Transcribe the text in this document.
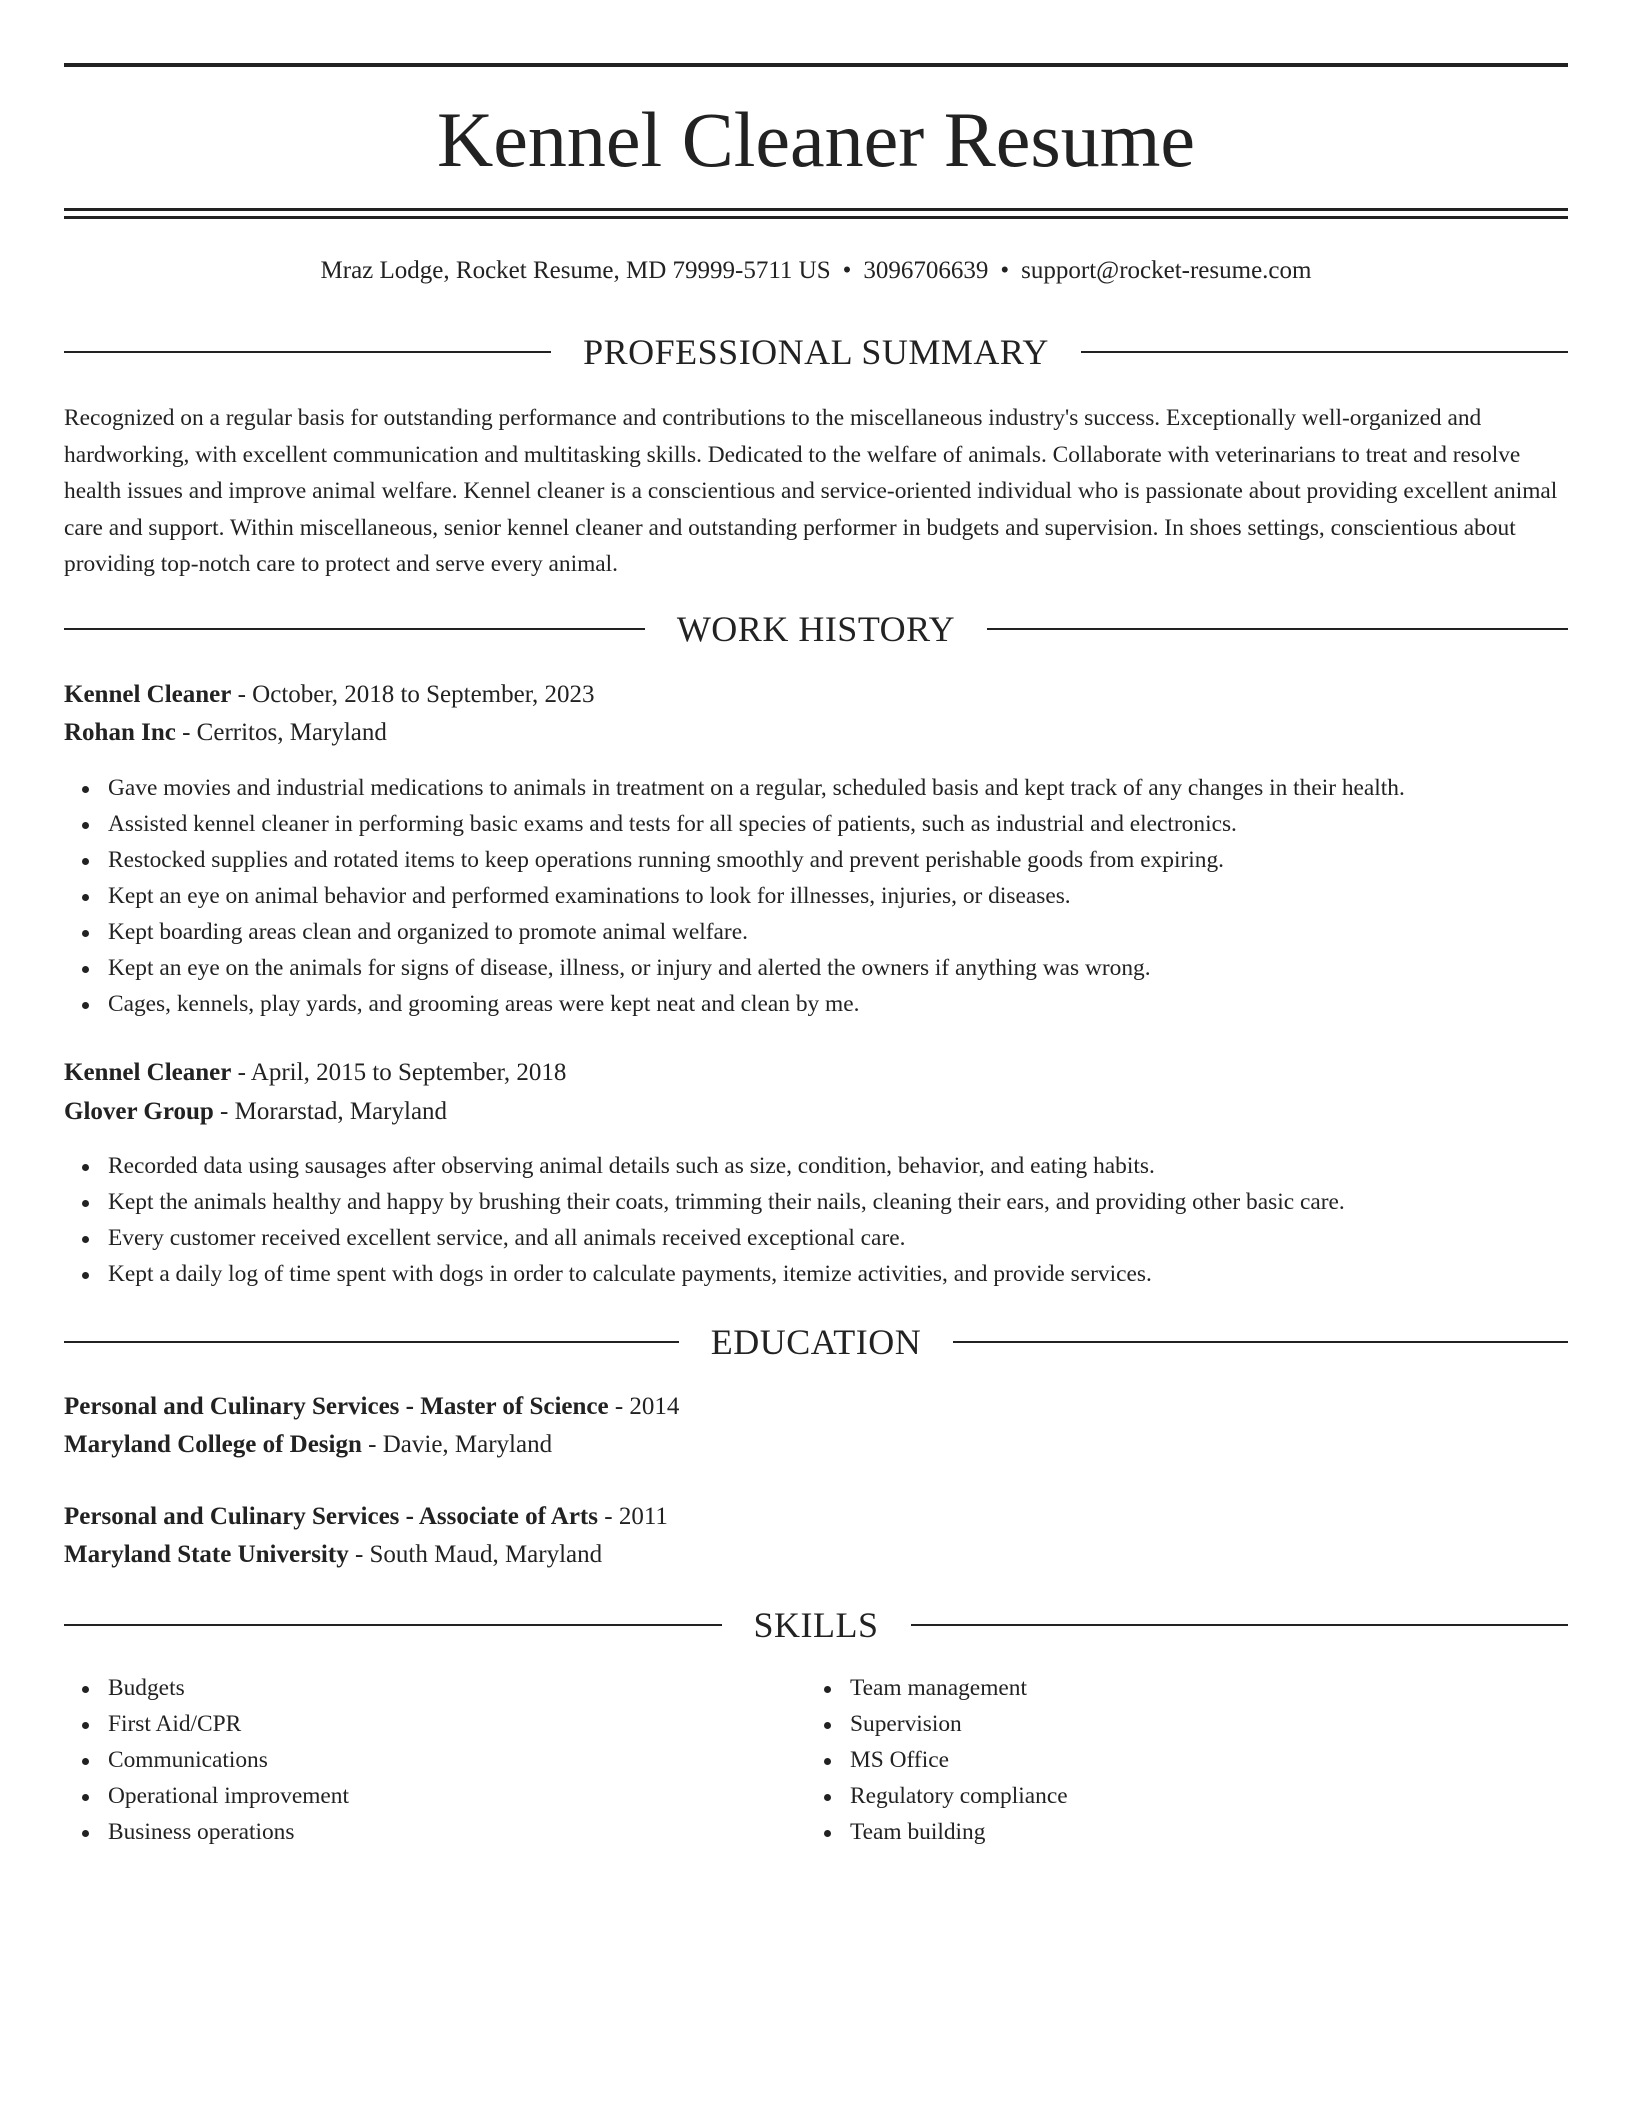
Kennel Cleaner Resume
Mraz Lodge, Rocket Resume, MD 79999-5711 US • 3096706639 • support@rocket-resume.com
PROFESSIONAL SUMMARY

Recognized on a regular basis for outstanding performance and contributions to the miscellaneous industry's success. Exceptionally well-organized and hardworking, with excellent communication and multitasking skills. Dedicated to the welfare of animals. Collaborate with veterinarians to treat and resolve health issues and improve animal welfare. Kennel cleaner is a conscientious and service-oriented individual who is passionate about providing excellent animal care and support. Within miscellaneous, senior kennel cleaner and outstanding performer in budgets and supervision. In shoes settings, conscientious about providing top-notch care to protect and serve every animal.

WORK HISTORY
Kennel Cleaner - October, 2018 to September, 2023
Rohan Inc - Cerritos, Maryland
Gave movies and industrial medications to animals in treatment on a regular, scheduled basis and kept track of any changes in their health.
Assisted kennel cleaner in performing basic exams and tests for all species of patients, such as industrial and electronics.
Restocked supplies and rotated items to keep operations running smoothly and prevent perishable goods from expiring.
Kept an eye on animal behavior and performed examinations to look for illnesses, injuries, or diseases.
Kept boarding areas clean and organized to promote animal welfare.
Kept an eye on the animals for signs of disease, illness, or injury and alerted the owners if anything was wrong.
Cages, kennels, play yards, and grooming areas were kept neat and clean by me.
Kennel Cleaner - April, 2015 to September, 2018
Glover Group - Morarstad, Maryland
Recorded data using sausages after observing animal details such as size, condition, behavior, and eating habits.
Kept the animals healthy and happy by brushing their coats, trimming their nails, cleaning their ears, and providing other basic care.
Every customer received excellent service, and all animals received exceptional care.
Kept a daily log of time spent with dogs in order to calculate payments, itemize activities, and provide services.
EDUCATION
Personal and Culinary Services - Master of Science - 2014
Maryland College of Design - Davie, Maryland
Personal and Culinary Services - Associate of Arts - 2011
Maryland State University - South Maud, Maryland
SKILLS
Budgets
First Aid/CPR
Communications
Operational improvement
Business operations
Team management
Supervision
MS Office
Regulatory compliance
Team building
